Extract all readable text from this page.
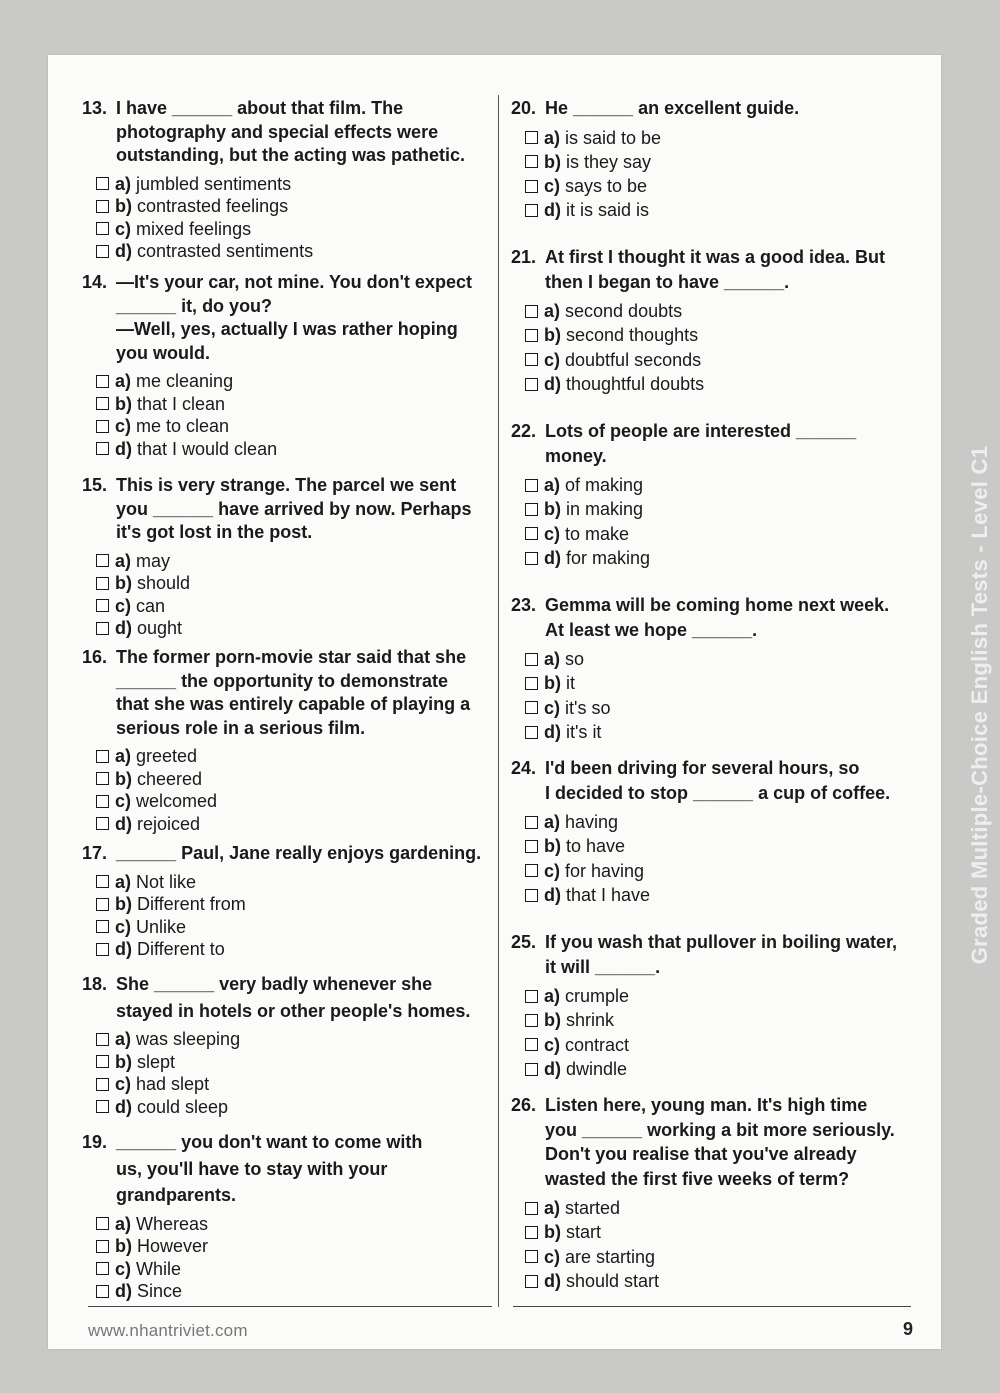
13. I have ______ about that film. The
photography and special effects were
outstanding, but the acting was pathetic.
a) jumbled sentiments
b) contrasted feelings
c) mixed feelings
d) contrasted sentiments
14. —It's your car, not mine. You don't expect
______ it, do you?
—Well, yes, actually I was rather hoping
you would.
a) me cleaning
b) that I clean
c) me to clean
d) that I would clean
15. This is very strange. The parcel we sent
you ______ have arrived by now. Perhaps
it's got lost in the post.
a) may
b) should
c) can
d) ought
16. The former porn-movie star said that she
______ the opportunity to demonstrate
that she was entirely capable of playing a
serious role in a serious film.
a) greeted
b) cheered
c) welcomed
d) rejoiced
17. ______ Paul, Jane really enjoys gardening.
a) Not like
b) Different from
c) Unlike
d) Different to
18. She ______ very badly whenever she
stayed in hotels or other people's homes.
a) was sleeping
b) slept
c) had slept
d) could sleep
19. ______ you don't want to come with
us, you'll have to stay with your
grandparents.
a) Whereas
b) However
c) While
d) Since
20. He ______ an excellent guide.
a) is said to be
b) is they say
c) says to be
d) it is said is
21. At first I thought it was a good idea. But
then I began to have ______.
a) second doubts
b) second thoughts
c) doubtful seconds
d) thoughtful doubts
22. Lots of people are interested ______
money.
a) of making
b) in making
c) to make
d) for making
23. Gemma will be coming home next week.
At least we hope ______.
a) so
b) it
c) it's so
d) it's it
24. I'd been driving for several hours, so
I decided to stop ______ a cup of coffee.
a) having
b) to have
c) for having
d) that I have
25. If you wash that pullover in boiling water,
it will ______.
a) crumple
b) shrink
c) contract
d) dwindle
26. Listen here, young man. It's high time
you ______ working a bit more seriously.
Don't you realise that you've already
wasted the first five weeks of term?
a) started
b) start
c) are starting
d) should start
www.nhantriviet.com	9
Graded Multiple-Choice English Tests - Level C1
